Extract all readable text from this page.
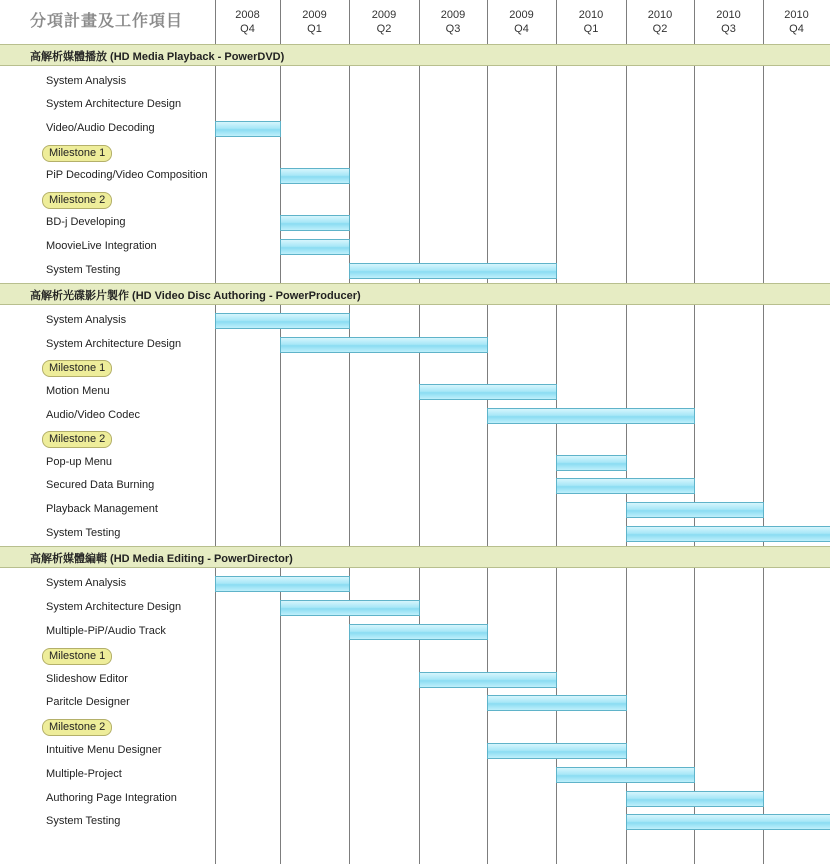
分項計畫及工作項目	2008
Q4
2009
Q1
2009
Q2
2009
Q3
2009
Q4
2010
Q1
2010
Q2
2010
Q3
2010
Q4
高解析媒體播放 (HD Media Playback - PowerDVD)
System Analysis
System Architecture Design
Video/Audio Decoding
Milestone 1
PiP Decoding/Video Composition
Milestone 2
BD-j Developing
MoovieLive Integration
System Testing
高解析光碟影片製作 (HD Video Disc Authoring - PowerProducer)
System Analysis
System Architecture Design
Milestone 1
Motion Menu
Audio/Video Codec
Milestone 2
Pop-up Menu
Secured Data Burning
Playback Management
System Testing
高解析媒體編輯 (HD Media Editing - PowerDirector)
System Analysis
System Architecture Design
Multiple-PiP/Audio Track
Milestone 1
Slideshow Editor
Paritcle Designer
Milestone 2
Intuitive Menu Designer
Multiple-Project
Authoring Page Integration
System Testing
